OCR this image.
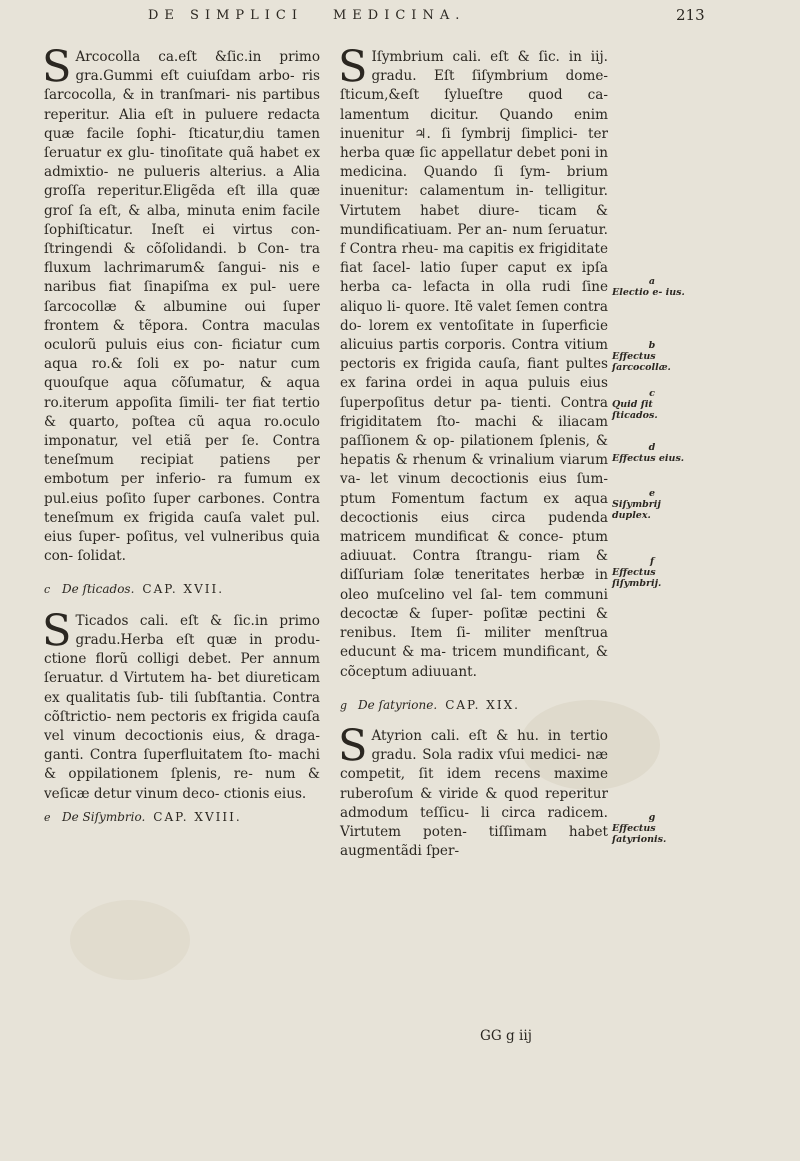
DE SIMPLICI MEDICINA.	213

S Arcocolla ca.eſt &ſic.in primo gra.Gummi eſt cuiuſdam arbo- ris ſarcocolla, & in tranſmari- nis partibus reperitur. Alia eſt in puluere redacta quæ facile ſophi- ſticatur,diu tamen ſeruatur ex glu- tinoſitate quã habet ex admixtio- ne pulueris alterius. a Alia groſſa reperitur.Eligẽda eſt illa quæ groſ ſa eſt, & alba, minuta enim facile ſophiſticatur. Ineſt ei virtus con- ſtringendi & cõſolidandi. b Con- tra fluxum lachrimarum& ſangui- nis e naribus fiat ſinapiſma ex pul- uere ſarcocollæ & albumine oui ſuper frontem & tẽpora. Contra maculas oculorũ puluis eius con- ficiatur cum aqua ro.& ſoli ex po- natur cum quouſque aqua cõſumatur, & aqua ro.iterum appoſita ſimili- ter fiat tertio & quarto, poſtea cũ aqua ro.oculo imponatur, vel etiã per ſe. Contra teneſmum recipiat patiens per embotum per inferio- ra fumum ex pul.eius poſito ſuper carbones. Contra teneſmum ex frigida cauſa valet pul. eius ſuper- poſitus, vel vulneribus quia con- ſolidat.

c De ſticados. CAP. XVII.

S Ticados cali. eſt & ſic.in primo gradu.Herba eſt quæ in produ- ctione florũ colligi debet. Per annum ſeruatur. d Virtutem ha- bet diureticam ex qualitatis ſub- tili ſubſtantia. Contra cõſtrictio- nem pectoris ex frigida cauſa vel vinum decoctionis eius, & draga- ganti. Contra ſuperfluitatem ſto- machi & oppilationem ſplenis, re- num & veſicæ detur vinum deco- ctionis eius.

e De Siſymbrio. CAP. XVIII.

S Iſymbrium cali. eſt & ſic. in iij. gradu. Eſt ſiſymbrium dome- ſticum,&eſt ſylueſtre quod ca- lamentum dicitur. Quando enim inuenitur ♃. ſi ſymbrij ſimplici- ter herba quæ ſic appellatur debet poni in medicina. Quando ſi ſym- brium inuenitur: calamentum in- telligitur. Virtutem habet diure- ticam & mundificatiuam. Per an- num ſeruatur. f Contra rheu- ma capitis ex frigiditate fiat ſacel- latio ſuper caput ex ipſa herba ca- lefacta in olla rudi ſine aliquo li- quore. Itẽ valet ſemen contra do- lorem ex ventoſitate in ſuperficie alicuius partis corporis. Contra vitium pectoris ex frigida cauſa, fiant pultes ex farina ordei in aqua puluis eius ſuperpoſitus detur pa- tienti. Contra frigiditatem ſto- machi & iliacam paſſionem & op- pilationem ſplenis, & hepatis & rhenum & vrinalium viarum va- let vinum decoctionis eius ſum- ptum Fomentum factum ex aqua decoctionis eius circa pudenda matricem mundificat & conce- ptum adiuuat. Contra ſtrangu- riam & diſſuriam ſolæ teneritates herbæ in oleo muſcelino vel ſal- tem communi decoctæ & ſuper- poſitæ pectini & renibus. Item ſi- militer menſtrua educunt & ma- tricem mundificant, & cõceptum adiuuant.

g De ſatyrione. CAP. XIX.

S Atyrion cali. eſt & hu. in tertio gradu. Sola radix vſui medici- næ competit, ſit idem recens maxime ruberoſum & viride & quod reperitur admodum teſſicu- li circa radicem. Virtutem poten- tiſſimam habet augmentãdi ſper-

a
Electio e- ius.
b
Effectus ſarcocollæ.
c
Quid ſit ſticados.
d
Effectus eius.
e
Siſymbrij duplex.
f
Effectus ſiſymbrij.
g
Effectus ſatyrionis.
GG g iij
